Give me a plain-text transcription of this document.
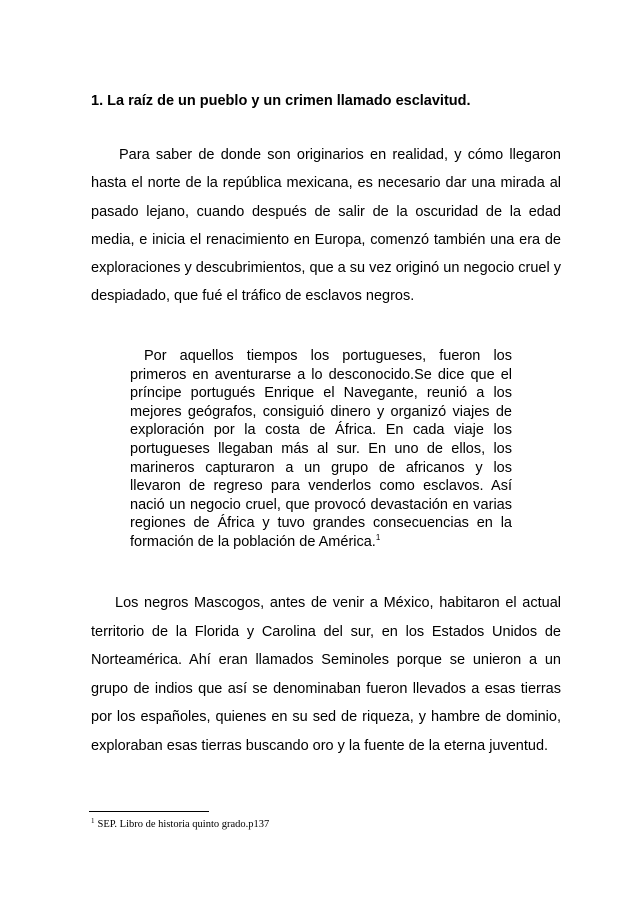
1. La raíz de un pueblo y un crimen llamado esclavitud.

Para saber de donde son originarios en realidad, y cómo llegaron hasta el norte de la república mexicana, es necesario dar una mirada al pasado lejano, cuando después de salir de la oscuridad de la edad media, e inicia el renacimiento en Europa, comenzó también una era de exploraciones y descubrimientos, que a su vez originó un negocio cruel y despiadado, que fué el tráfico de esclavos negros.

Por aquellos tiempos los portugueses, fueron los primeros en aventurarse a lo desconocido.Se dice que el príncipe portugués Enrique el Navegante, reunió a los mejores geógrafos, consiguió dinero y organizó viajes de exploración por la costa de África. En cada viaje los portugueses llegaban más al sur. En uno de ellos, los marineros capturaron a un grupo de africanos y los llevaron de regreso para venderlos como esclavos. Así nació un negocio cruel, que provocó devastación en varias regiones de África y tuvo grandes consecuencias en la formación de la población de América.$^1$

Los negros Mascogos, antes de venir a México, habitaron el actual territorio de la Florida y Carolina del sur, en los Estados Unidos de Norteamérica. Ahí eran llamados Seminoles porque se unieron a un grupo de indios que así se denominaban fueron llevados a esas tierras por los españoles, quienes en su sed de riqueza, y hambre de dominio, exploraban esas tierras buscando oro y la fuente de la eterna juventud.

$^1$ SEP. Libro de historia quinto grado.p137
